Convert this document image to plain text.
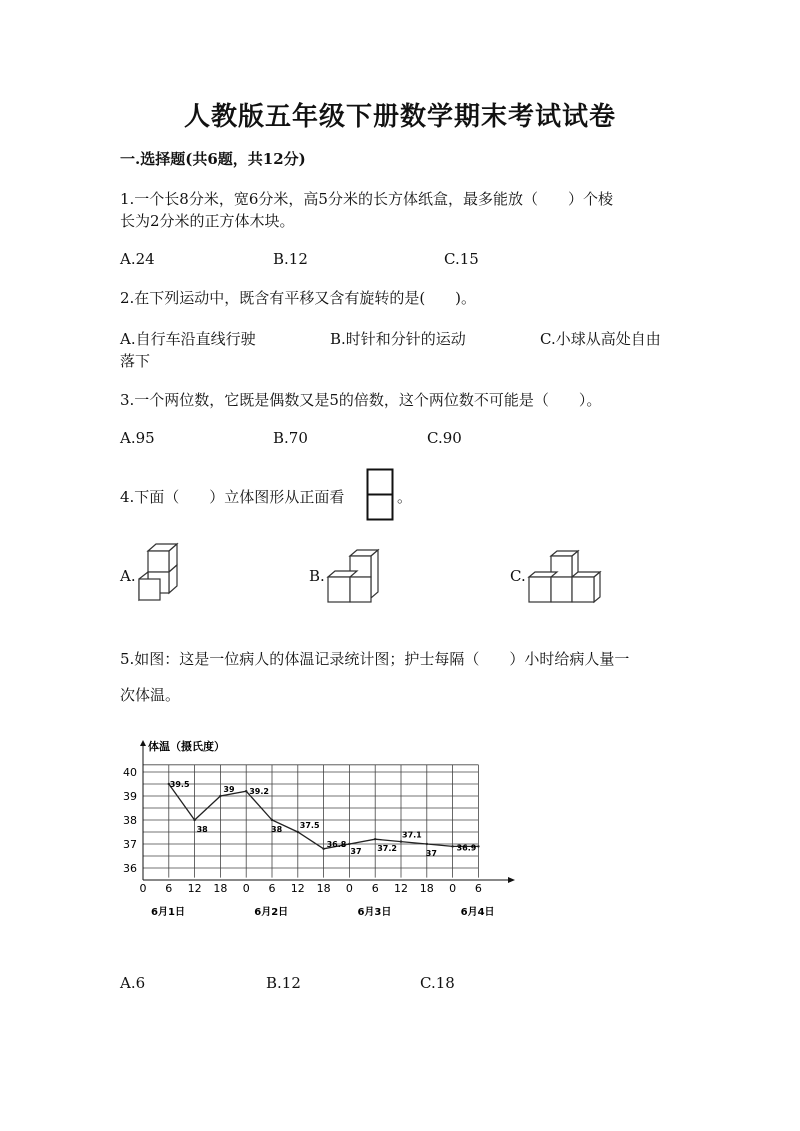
人教版五年级下册数学期末考试试卷
一.选择题(共6题，共12分)
1.一个长8分米，宽6分米，高5分米的长方体纸盒，最多能放（　　）个棱
长为2分米的正方体木块。
A.24	B.12	C.15
2.在下列运动中，既含有平移又含有旋转的是(　　)。
A.自行车沿直线行驶	B.时针和分针的运动	C.小球从高处自由
落下
3.一个两位数，它既是偶数又是5的倍数，这个两位数不可能是（　　）。
A.95	B.70	C.90
4.下面（　　）立体图形从正面看	。
A.	B.	C.
5.如图：这是一位病人的体温记录统计图；护士每隔（　　）小时给病人量一
次体温。
36
37
38
39
40
0 6 12 18 0 6 12 18 0 6 12 18 0 6
6月1日	6月2日	6月3日	6月4日
39.5
38
39 39.2
38 37.5
36.8
37 37.2
37.1
37
36.9
体温（摄氏度）
A.6	B.12	C.18
